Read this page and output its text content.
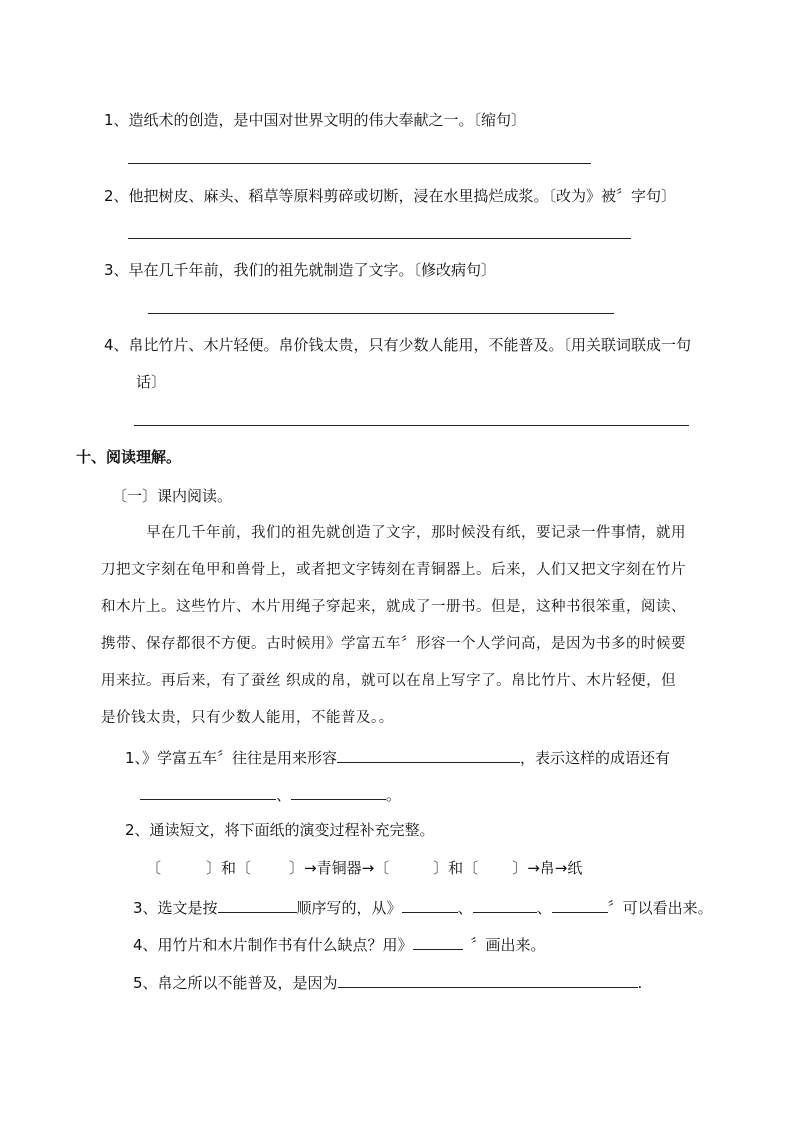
1、造纸术的创造，是中国对世界文明的伟大奉献之一。〔缩句〕
2、他把树皮、麻头、稻草等原料剪碎或切断，浸在水里捣烂成浆。〔改为》被〞字句〕
3、早在几千年前，我们的祖先就制造了文字。〔修改病句〕
4、帛比竹片、木片轻便。帛价钱太贵，只有少数人能用，不能普及。〔用关联词联成一句
话〕
十、阅读理解。
〔一〕课内阅读。
早在几千年前，我们的祖先就创造了文字，那时候没有纸，要记录一件事情，就用
刀把文字刻在龟甲和兽骨上，或者把文字铸刻在青铜器上。后来，人们又把文字刻在竹片
和木片上。这些竹片、木片用绳子穿起来，就成了一册书。但是，这种书很笨重，阅读、
携带、保存都很不方便。古时候用》学富五车〞形容一个人学问高，是因为书多的时候要
用来拉。再后来，有了蚕丝 织成的帛，就可以在帛上写字了。帛比竹片、木片轻便，但
是价钱太贵，只有少数人能用，不能普及。。
1、》学富五车〞往往是用来形容	，表示这样的成语还有
、	。
2、通读短文，将下面纸的演变过程补充完整。
〔	〕和〔	〕→青铜器→〔	〕和〔 〕→帛→纸
3、选文是按	顺序写的，从》	、	、	〞可以看出来。
4、用竹片和木片制作书有什么缺点？用》	〞画出来。
5、帛之所以不能普及，是因为	.
